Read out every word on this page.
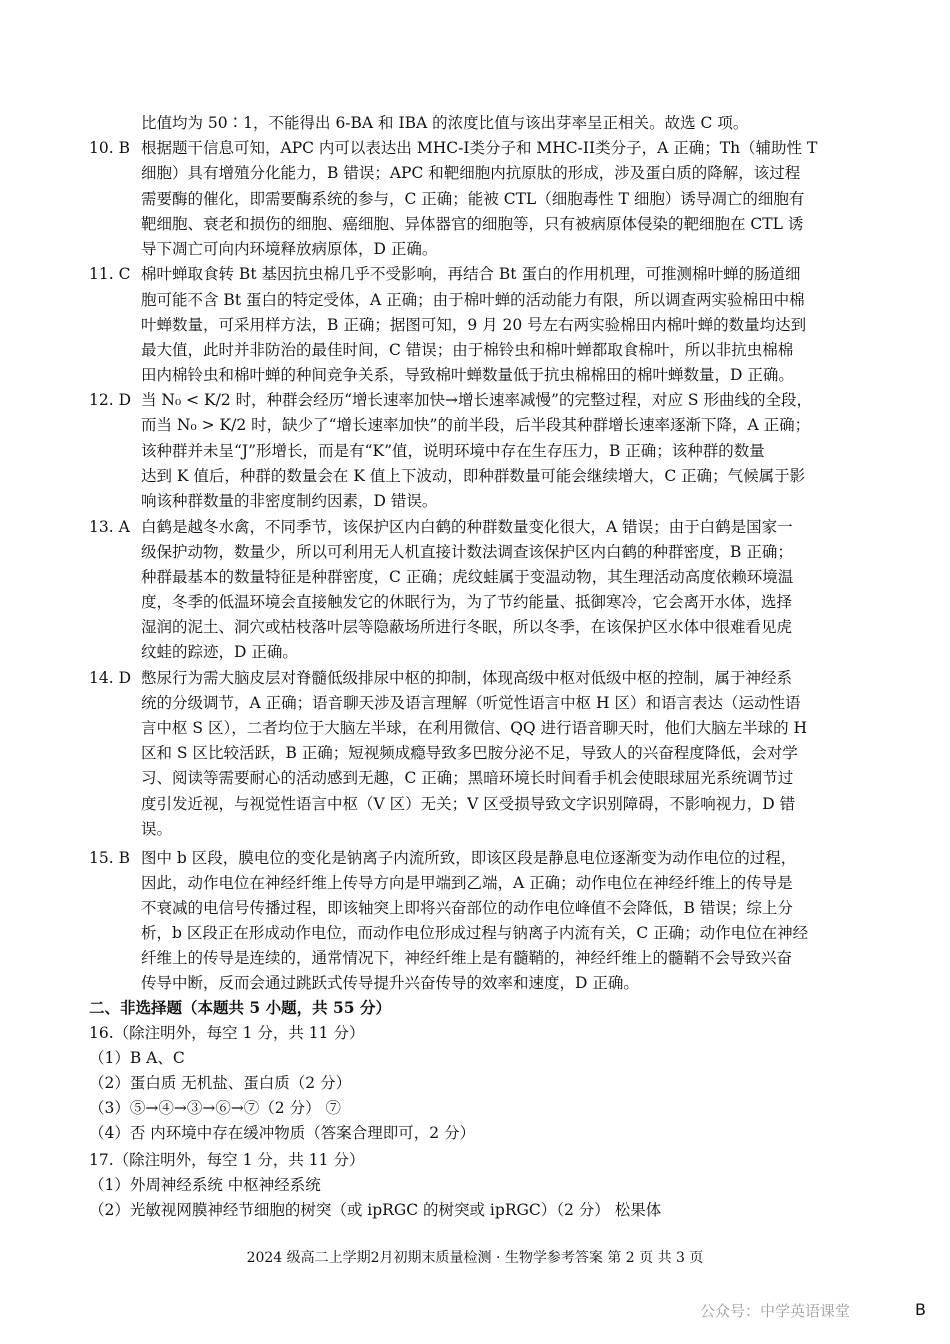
比值均为 50∶1，不能得出 6-BA 和 IBA 的浓度比值与该出芽率呈正相关。故选 C 项。
10. B 根据题干信息可知，APC 内可以表达出 MHC-I类分子和 MHC-II类分子，A 正确；Th（辅助性 T
细胞）具有增殖分化能力，B 错误；APC 和靶细胞内抗原肽的形成，涉及蛋白质的降解，该过程
需要酶的催化，即需要酶系统的参与，C 正确；能被 CTL（细胞毒性 T 细胞）诱导凋亡的细胞有
靶细胞、衰老和损伤的细胞、癌细胞、异体器官的细胞等，只有被病原体侵染的靶细胞在 CTL 诱
导下凋亡可向内环境释放病原体，D 正确。
11. C 棉叶蝉取食转 Bt 基因抗虫棉几乎不受影响，再结合 Bt 蛋白的作用机理，可推测棉叶蝉的肠道细
胞可能不含 Bt 蛋白的特定受体，A 正确；由于棉叶蝉的活动能力有限，所以调查两实验棉田中棉
叶蝉数量，可采用样方法，B 正确；据图可知，9 月 20 号左右两实验棉田内棉叶蝉的数量均达到
最大值，此时并非防治的最佳时间，C 错误；由于棉铃虫和棉叶蝉都取食棉叶，所以非抗虫棉棉
田内棉铃虫和棉叶蝉的种间竞争关系，导致棉叶蝉数量低于抗虫棉棉田的棉叶蝉数量，D 正确。
12. D 当 N₀ < K/2 时，种群会经历“增长速率加快→增长速率减慢”的完整过程，对应 S 形曲线的全段，
而当 N₀ > K/2 时，缺少了“增长速率加快”的前半段，后半段其种群增长速率逐渐下降，A 正确；
该种群并未呈“J”形增长，而是有“K”值，说明环境中存在生存压力，B 正确；该种群的数量
达到 K 值后，种群的数量会在 K 值上下波动，即种群数量可能会继续增大，C 正确；气候属于影
响该种群数量的非密度制约因素，D 错误。
13. A 白鹤是越冬水禽，不同季节，该保护区内白鹤的种群数量变化很大，A 错误；由于白鹤是国家一
级保护动物，数量少，所以可利用无人机直接计数法调查该保护区内白鹤的种群密度，B 正确；
种群最基本的数量特征是种群密度，C 正确；虎纹蛙属于变温动物，其生理活动高度依赖环境温
度，冬季的低温环境会直接触发它的休眠行为，为了节约能量、抵御寒冷，它会离开水体，选择
湿润的泥土、洞穴或枯枝落叶层等隐蔽场所进行冬眠，所以冬季，在该保护区水体中很难看见虎
纹蛙的踪迹，D 正确。
14. D 憋尿行为需大脑皮层对脊髓低级排尿中枢的抑制，体现高级中枢对低级中枢的控制，属于神经系
统的分级调节，A 正确；语音聊天涉及语言理解（听觉性语言中枢 H 区）和语言表达（运动性语
言中枢 S 区），二者均位于大脑左半球，在利用微信、QQ 进行语音聊天时，他们大脑左半球的 H
区和 S 区比较活跃，B 正确；短视频成瘾导致多巴胺分泌不足，导致人的兴奋程度降低，会对学
习、阅读等需要耐心的活动感到无趣，C 正确；黑暗环境长时间看手机会使眼球屈光系统调节过
度引发近视，与视觉性语言中枢（V 区）无关；V 区受损导致文字识别障碍，不影响视力，D 错
误。
15. B 图中 b 区段，膜电位的变化是钠离子内流所致，即该区段是静息电位逐渐变为动作电位的过程，
因此，动作电位在神经纤维上传导方向是甲端到乙端，A 正确；动作电位在神经纤维上的传导是
不衰减的电信号传播过程，即该轴突上即将兴奋部位的动作电位峰值不会降低，B 错误；综上分
析，b 区段正在形成动作电位，而动作电位形成过程与钠离子内流有关，C 正确；动作电位在神经
纤维上的传导是连续的，通常情况下，神经纤维上是有髓鞘的，神经纤维上的髓鞘不会导致兴奋
传导中断，反而会通过跳跃式传导提升兴奋传导的效率和速度，D 正确。
二、非选择题（本题共 5 小题，共 55 分）
16.（除注明外，每空 1 分，共 11 分）
（1）B A、C
（2）蛋白质 无机盐、蛋白质（2 分）
（3）⑤→④→③→⑥→⑦（2 分） ⑦
（4）否 内环境中存在缓冲物质（答案合理即可，2 分）
17.（除注明外，每空 1 分，共 11 分）
（1）外周神经系统 中枢神经系统
（2）光敏视网膜神经节细胞的树突（或 ipRGC 的树突或 ipRGC）（2 分） 松果体
2024 级高二上学期2月初期末质量检测 · 生物学参考答案 第 2 页 共 3 页
公众号：中学英语课堂	B
